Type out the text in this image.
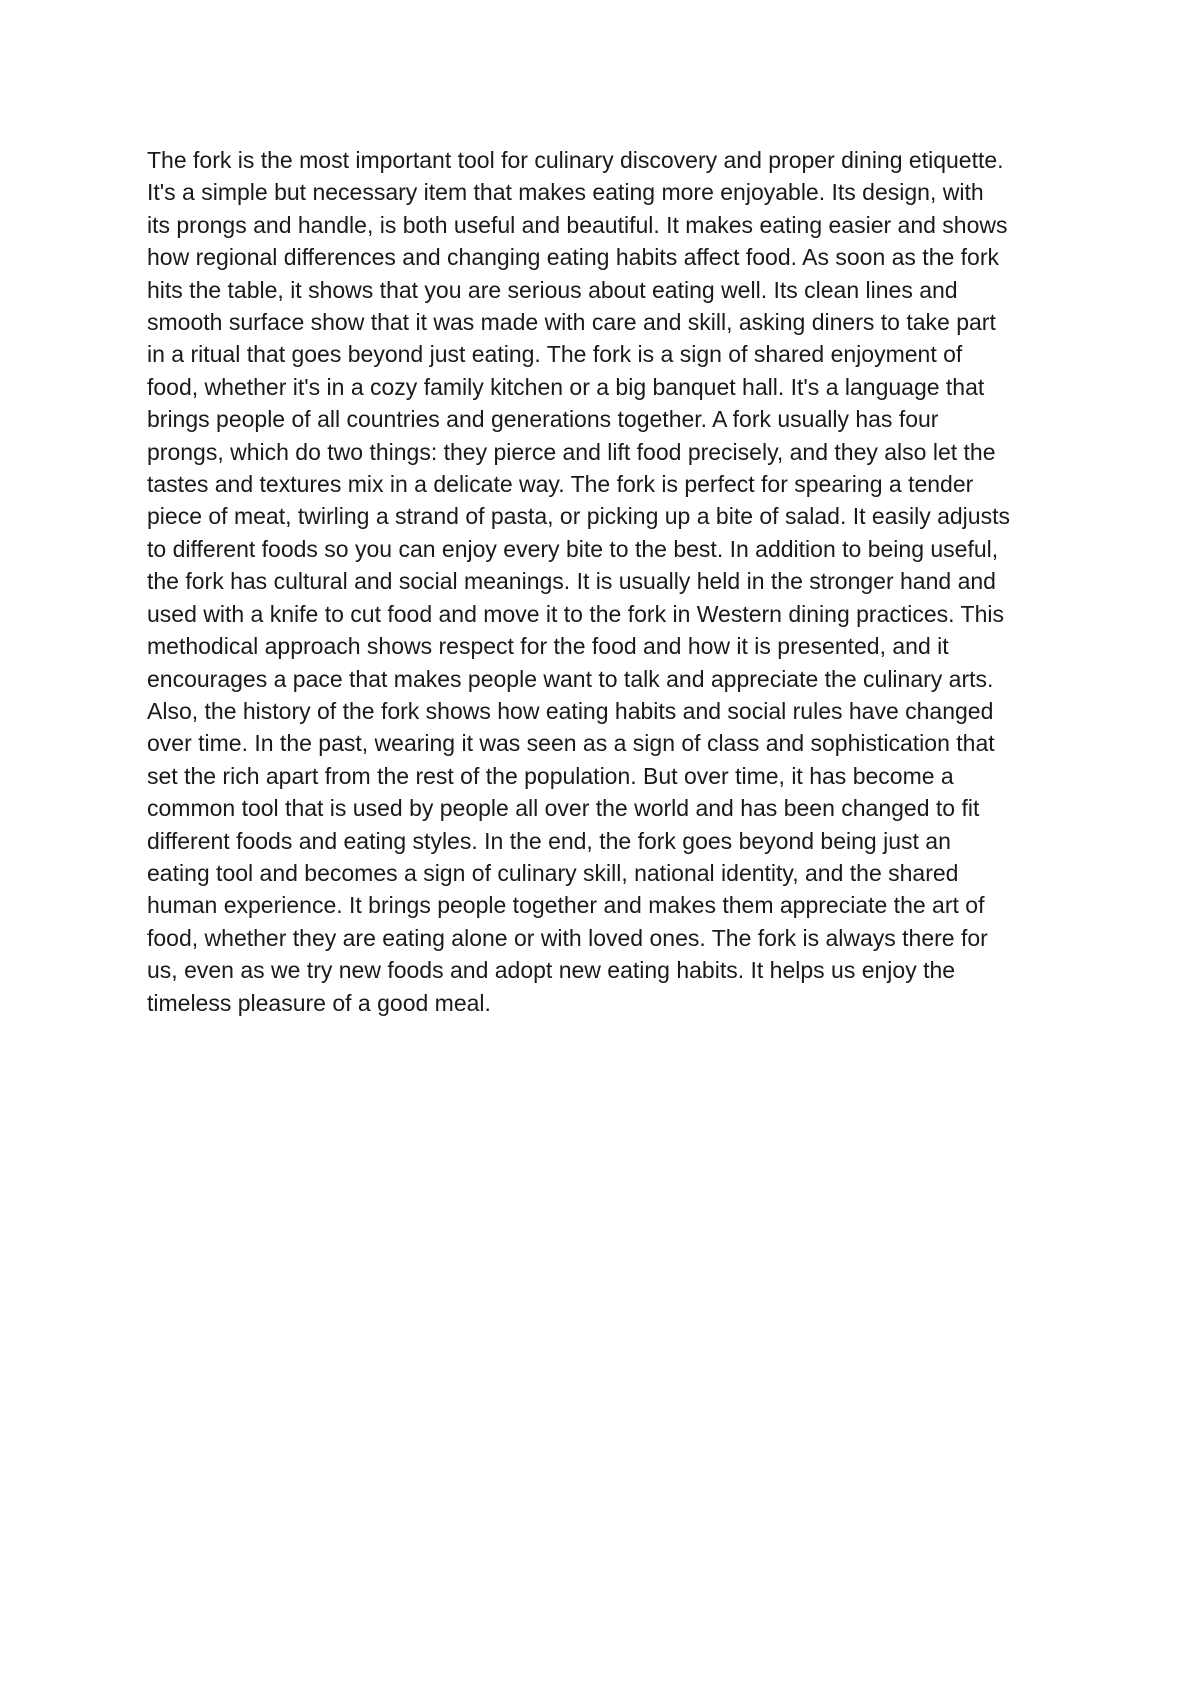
The fork is the most important tool for culinary discovery and proper dining etiquette.
It's a simple but necessary item that makes eating more enjoyable. Its design, with
its prongs and handle, is both useful and beautiful. It makes eating easier and shows
how regional differences and changing eating habits affect food. As soon as the fork
hits the table, it shows that you are serious about eating well. Its clean lines and
smooth surface show that it was made with care and skill, asking diners to take part
in a ritual that goes beyond just eating. The fork is a sign of shared enjoyment of
food, whether it's in a cozy family kitchen or a big banquet hall. It's a language that
brings people of all countries and generations together. A fork usually has four
prongs, which do two things: they pierce and lift food precisely, and they also let the
tastes and textures mix in a delicate way. The fork is perfect for spearing a tender
piece of meat, twirling a strand of pasta, or picking up a bite of salad. It easily adjusts
to different foods so you can enjoy every bite to the best. In addition to being useful,
the fork has cultural and social meanings. It is usually held in the stronger hand and
used with a knife to cut food and move it to the fork in Western dining practices. This
methodical approach shows respect for the food and how it is presented, and it
encourages a pace that makes people want to talk and appreciate the culinary arts.
Also, the history of the fork shows how eating habits and social rules have changed
over time. In the past, wearing it was seen as a sign of class and sophistication that
set the rich apart from the rest of the population. But over time, it has become a
common tool that is used by people all over the world and has been changed to fit
different foods and eating styles. In the end, the fork goes beyond being just an
eating tool and becomes a sign of culinary skill, national identity, and the shared
human experience. It brings people together and makes them appreciate the art of
food, whether they are eating alone or with loved ones. The fork is always there for
us, even as we try new foods and adopt new eating habits. It helps us enjoy the
timeless pleasure of a good meal.
